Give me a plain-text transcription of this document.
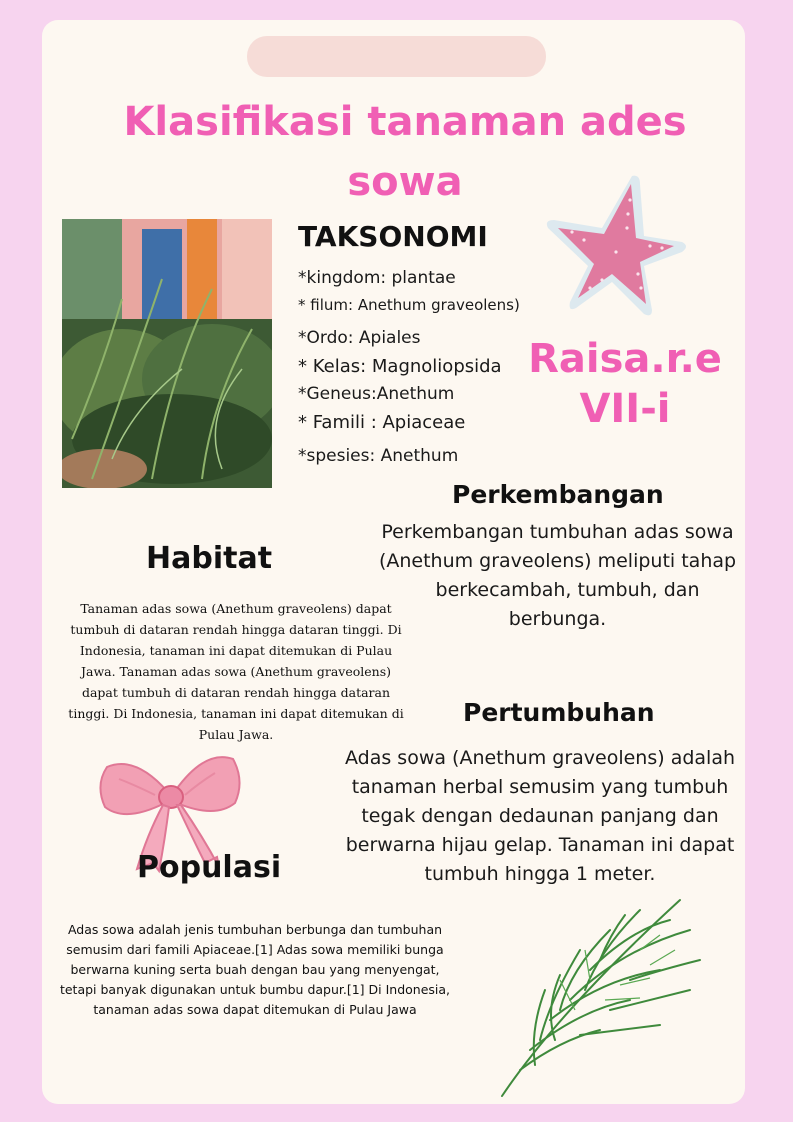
Klasifikasi tanaman ades sowa
TAKSONOMI
*kingdom: plantae
* filum: Anethum graveolens)
*Ordo: Apiales
* Kelas: Magnoliopsida
*Geneus:Anethum
* Famili : Apiaceae
*spesies: Anethum
Raisa.r.e
VII-i
Perkembangan
Perkembangan tumbuhan adas sowa
(Anethum graveolens) meliputi tahap
berkecambah, tumbuh, dan
berbunga.
Habitat
Tanaman adas sowa (Anethum graveolens) dapat
tumbuh di dataran rendah hingga dataran tinggi. Di
Indonesia, tanaman ini dapat ditemukan di Pulau
Jawa. Tanaman adas sowa (Anethum graveolens)
dapat tumbuh di dataran rendah hingga dataran
tinggi. Di Indonesia, tanaman ini dapat ditemukan di
Pulau Jawa.
Pertumbuhan
Adas sowa (Anethum graveolens) adalah
tanaman herbal semusim yang tumbuh
tegak dengan dedaunan panjang dan
berwarna hijau gelap. Tanaman ini dapat
tumbuh hingga 1 meter.
Populasi
Adas sowa adalah jenis tumbuhan berbunga dan tumbuhan
semusim dari famili Apiaceae.[1] Adas sowa memiliki bunga
berwarna kuning serta buah dengan bau yang menyengat,
tetapi banyak digunakan untuk bumbu dapur.[1] Di Indonesia,
tanaman adas sowa dapat ditemukan di Pulau Jawa
